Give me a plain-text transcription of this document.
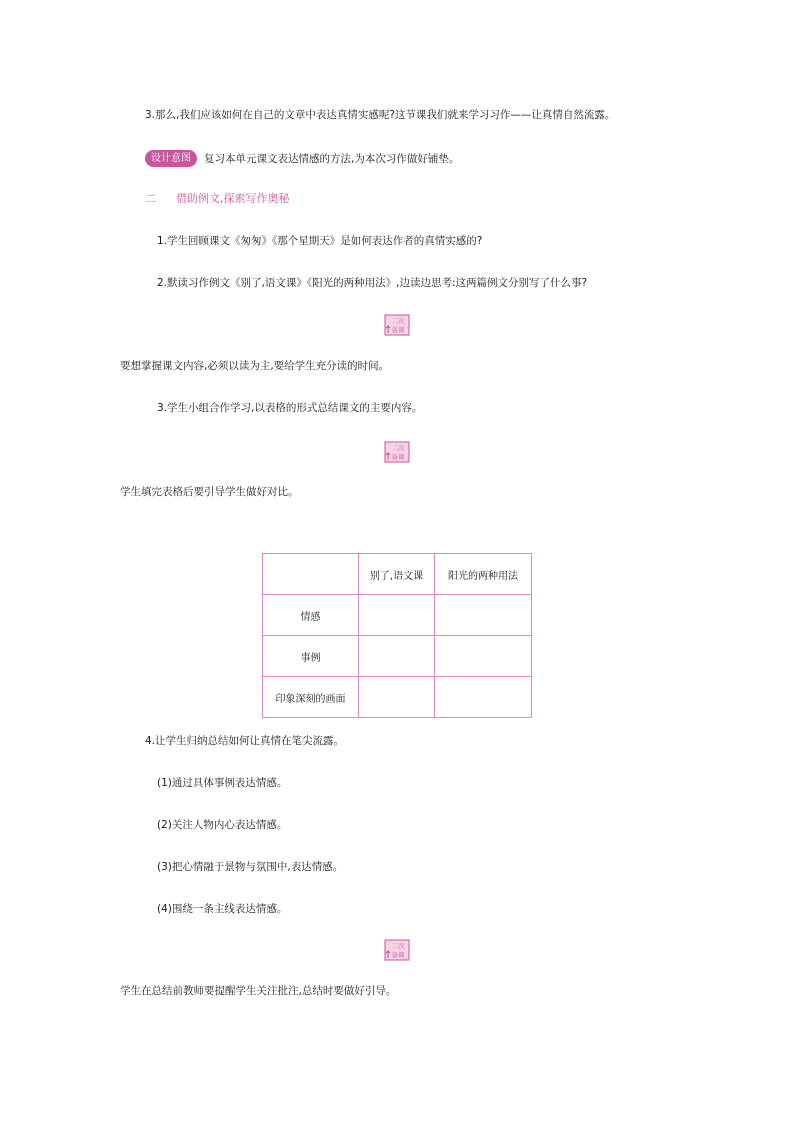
3.那么,我们应该如何在自己的文章中表达真情实感呢?这节课我们就来学习习作——让真情自然流露。
设计意图	复习本单元课文表达情感的方法,为本次习作做好铺垫。
二 借助例文,探索写作奥秘
1.学生回顾课文《匆匆》《那个星期天》是如何表达作者的真情实感的?
2.默读习作例文《别了,语文课》《阳光的两种用法》,边读边思考:这两篇例文分别写了什么事?
二次
备课
要想掌握课文内容,必须以读为主,要给学生充分读的时间。
3.学生小组合作学习,以表格的形式总结课文的主要内容。
二次
备课
学生填完表格后要引导学生做好对比。
	别了,语文课	阳光的两种用法
情感		
事例		
印象深刻的画面		
4.让学生归纳总结如何让真情在笔尖流露。
(1)通过具体事例表达情感。
(2)关注人物内心表达情感。
(3)把心情融于景物与氛围中,表达情感。
(4)围绕一条主线表达情感。
二次
备课
学生在总结前教师要提醒学生关注批注,总结时要做好引导。
